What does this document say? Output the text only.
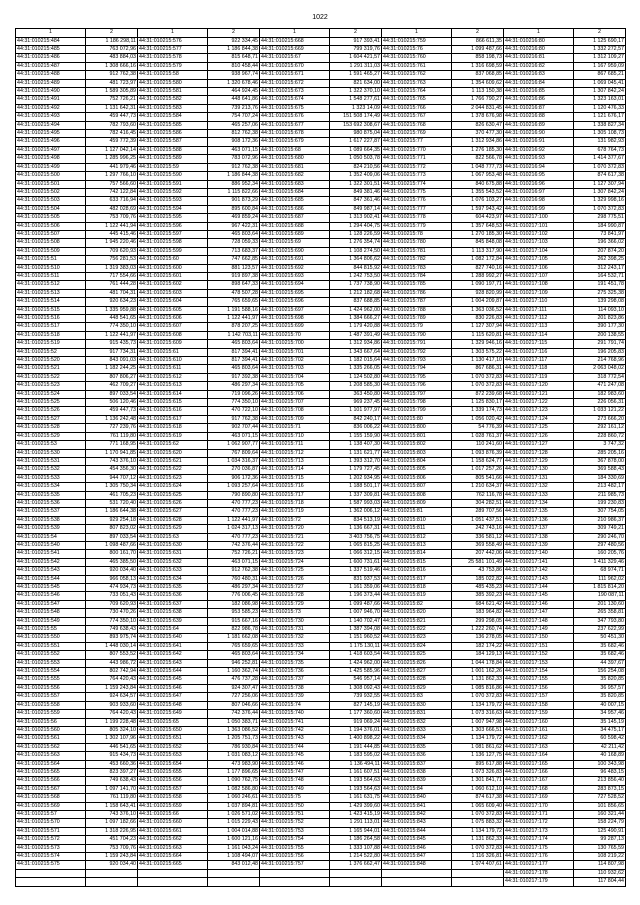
1022
1	2	1	2	1	2	1	2	1	2
44:31:010215:484	1 186 298,11	44:31:010215:576	922 334,45	44:31:010215:668	917 393,41	44:31:010215:759	866 611,35	44:31:010216:80	1 125 690,17
44:31:010215:485	763 072,96	44:31:010215:577	1 186 844,38	44:31:010215:669	799 319,76	44:31:010215:76	1 099 487,66	44:31:010216:80	1 332 272,57
44:31:010215:486	483 884,03	44:31:010215:578	815 648,71	44:31:010215:67	1 604 421,57	44:31:010215:760	858 198,73	44:31:010216:81	1 312 109,27
44:31:010215:487	1 308 666,16	44:31:010215:579	810 458,44	44:31:010215:670	1 291 311,03	44:31:010215:761	1 316 698,59	44:31:010216:82	1 167 959,09
44:31:010215:488	912 762,38	44:31:010215:58	938 967,74	44:31:010215:671	1 591 465,27	44:31:010215:762	837 068,85	44:31:010216:83	867 685,21
44:31:010215:489	481 723,97	44:31:010215:580	1 320 678,46	44:31:010215:672	821 634,00	44:31:010215:763	1 354 609,62	44:31:010216:84	1 069 045,41
44:31:010215:490	1 589 305,89	44:31:010215:581	464 924,45	44:31:010215:673	1 322 370,10	44:31:010215:764	1 113 150,38	44:31:010216:85	1 307 842,24
44:31:010215:491	752 726,21	44:31:010215:582	448 641,86	44:31:010215:674	1 548 277,61	44:31:010215:765	1 766 790,27	44:31:010216:86	1 323 163,01
44:31:010215:492	1 131 642,31	44:31:010215:583	739 213,76	44:31:010215:675	1 323 14,09	44:31:010215:766	2 044 831,45	44:31:010216:87	1 120 476,33
44:31:010215:493	459 447,73	44:31:010215:584	754 707,24	44:31:010215:676	151 508 174,49	44:31:010215:767	1 378 676,98	44:31:010216:88	1 121 676,17
44:31:010215:494	782 793,60	44:31:010215:585	465 257,06	44:31:010215:677	153 692 308,67	44:31:010215:768	826 630,47	44:31:010216:89	1 338 827,34
44:31:010215:495	782 416,45	44:31:010215:586	812 762,38	44:31:010215:678	980 875,04	44:31:010215:769	370 477,30	44:31:010216:90	1 305 108,73
44:31:010215:496	459 772,39	44:31:010215:587	908 172,36	44:31:010215:679	1 617 227,87	44:31:010215:77	1 312 934,86	44:31:010216:91	131 982,93
44:31:010215:497	1 127 042,14	44:31:010215:588	463 071,15	44:31:010215:68	1 089 664,35	44:31:010215:770	1 276 185,30	44:31:010216:92	678 764,73
44:31:010215:498	1 285 996,25	44:31:010215:589	783 072,96	44:31:010215:680	1 050 503,78	44:31:010215:771	822 566,78	44:31:010216:93	1 414 377,67
44:31:010215:499	441 979,46	44:31:010215:59	912 762,38	44:31:010215:681	824 210,56	44:31:010215:772	1 048 777,73	44:31:010216:94	1 070 372,83
44:31:010215:500	1 297 766,10	44:31:010215:590	1 186 844,38	44:31:010215:682	1 352 409,06	44:31:010215:773	1 067 953,48	44:31:010216:95	874 617,38
44:31:010215:501	757 566,60	44:31:010215:591	886 952,34	44:31:010215:683	1 322 301,51	44:31:010215:774	840 675,88	44:31:010216:96	1 127 307,94
44:31:010215:502	742 122,84	44:31:010215:592	1 115 822,66	44:31:010215:684	849 381,46	44:31:010215:775	1 355 543,52	44:31:010216:97	1 307 842,24
44:31:010215:503	633 716,94	44:31:010215:593	901 873,29	44:31:010215:685	847 361,46	44:31:010215:776	1 076 103,27	44:31:010216:98	1 329 998,16
44:31:010215:504	482 028,69	44:31:010215:594	895 600,84	44:31:010215:686	849 987,14	44:31:010215:777	1 597 943,42	44:31:010216:99	1 070 372,83
44:31:010215:505	753 709,76	44:31:010215:595	469 859,24	44:31:010215:687	1 313 902,41	44:31:010215:778	604 423,97	44:31:010217:100	298 775,51
44:31:010215:506	1 122 441,94	44:31:010215:596	967 422,31	44:31:010215:688	1 294 404,75	44:31:010215:779	1 357 648,53	44:31:010217:101	184 990,87
44:31:010215:507	445 415,46	44:31:010215:597	465 803,64	44:31:010215:689	1 128 226,59	44:31:010215:78	1 270 185,30	44:31:010217:102	73 841,97
44:31:010215:508	1 945 220,46	44:31:010215:598	728 059,33	44:31:010215:69	1 276 354,74	44:31:010215:780	845 848,08	44:31:010217:103	196 366,02
44:31:010215:509	709 620,93	44:31:010215:599	713 683,37	44:31:010215:690	1 108 274,50	44:31:010215:781	1 113 317,90	44:31:010217:104	207 874,20
44:31:010215:51	756 281,53	44:31:010215:60	747 662,85	44:31:010215:691	1 364 806,62	44:31:010215:782	1 082 172,84	44:31:010217:105	262 398,25
44:31:010215:510	1 319 383,03	44:31:010215:600	881 123,57	44:31:010215:692	844 815,92	44:31:010215:783	827 740,16	44:31:010217:106	312 243,17
44:31:010215:511	717 554,66	44:31:010215:601	919 897,38	44:31:010215:693	1 242 753,50	44:31:010215:784	1 288 992,27	44:31:010217:107	164 532,71
44:31:010215:512	761 444,28	44:31:010215:602	898 647,33	44:31:010215:694	1 737 738,90	44:31:010215:785	1 090 197,71	44:31:010217:108	191 451,78
44:31:010215:513	481 704,31	44:31:010215:603	478 507,28	44:31:010215:695	1 212 182,68	44:31:010215:786	928 820,99	44:31:010217:109	275 325,38
44:31:010215:514	920 634,23	44:31:010215:604	765 659,65	44:31:010215:696	837 688,85	44:31:010215:787	1 004 209,87	44:31:010217:110	139 298,08
44:31:010215:515	1 335 959,88	44:31:010215:605	1 191 588,16	44:31:010215:697	1 424 962,00	44:31:010215:788	1 363 036,52	44:31:010217:111	114 093,10
44:31:010215:516	448 541,65	44:31:010215:606	1 122 441,97	44:31:010215:698	1 384 666,27	44:31:010215:789	830 226,83	44:31:010217:112	201 823,86
44:31:010215:517	774 350,10	44:31:010215:607	878 207,25	44:31:010215:699	1 179 420,88	44:31:010215:79	1 127 307,94	44:31:010217:113	390 177,30
44:31:010215:518	1 122 441,97	44:31:010215:608	1 142 703,11	44:31:010215:70	1 487 391,49	44:31:010215:790	1 115 620,81	44:31:010217:114	200 138,55
44:31:010215:519	915 435,73	44:31:010215:609	465 803,64	44:31:010215:700	1 312 934,86	44:31:010215:791	1 329 946,16	44:31:010217:115	291 791,74
44:31:010215:52	917 734,31	44:31:010215:61	817 394,41	44:31:010215:701	1 343 667,64	44:31:010215:792	1 303 575,22	44:31:010217:116	196 205,83
44:31:010215:520	843 091,03	44:31:010215:610	817 394,41	44:31:010215:702	1 182 015,64	44:31:010215:793	1 130 417,10	44:31:010217:117	214 768,96
44:31:010215:521	1 182 244,25	44:31:010215:611	465 803,64	44:31:010215:703	1 335 266,05	44:31:010215:794	867 686,31	44:31:010217:118	2 063 048,02
44:31:010215:522	807 806,27	44:31:010215:612	917 392,38	44:31:010215:704	1 124 502,80	44:31:010215:795	1 070 372,83	44:31:010217:119	318 772,54
44:31:010215:523	462 709,27	44:31:010215:613	486 297,34	44:31:010215:705	1 208 585,30	44:31:010215:796	1 070 372,83	44:31:010217:120	471 247,08
44:31:010215:524	897 033,54	44:31:010215:614	719 096,26	44:31:010215:706	363 450,80	44:31:010215:797	872 239,68	44:31:010217:121	182 983,60
44:31:010215:525	506 120,46	44:31:010215:615	774 350,10	44:31:010215:707	969 237,45	44:31:010215:798	1 125 830,17	44:31:010217:122	226 056,31
44:31:010215:526	459 447,73	44:31:010215:616	470 722,10	44:31:010215:708	1 101 977,97	44:31:010215:799	1 339 174,73	44:31:010217:123	1 033 121,22
44:31:010215:527	1 136 242,48	44:31:010215:617	917 762,38	44:31:010215:709	842 240,17	44:31:010215:80	1 056 020,42	44:31:010217:124	273 666,20
44:31:010215:528	727 239,76	44:31:010215:618	902 707,44	44:31:010215:71	836 006,22	44:31:010215:800	54 776,39	44:31:010217:125	292 161,12
44:31:010215:529	761 119,80	44:31:010215:619	463 071,15	44:31:010215:710	1 155 159,90	44:31:010215:801	1 028 761,37	44:31:010217:126	228 860,72
44:31:010215:53	771 168,95	44:31:010215:62	1 062 907,77	44:31:010215:711	1 138 407,30	44:31:010215:802	110 241,60	44:31:010217:127	3 747,32
44:31:010215:530	1 170 941,85	44:31:010215:620	767 809,64	44:31:010215:712	1 131 621,77	44:31:010215:803	1 093 876,39	44:31:010217:128	285 205,16
44:31:010215:531	743 376,10	44:31:010215:621	1 034 316,37	44:31:010215:713	1 393 312,70	44:31:010215:804	1 158 624,77	44:31:010217:129	367 878,00
44:31:010215:532	454 356,30	44:31:010215:622	270 036,87	44:31:010215:714	1 179 727,45	44:31:010215:805	1 017 257,26	44:31:010217:130	369 588,43
44:31:010215:533	944 707,12	44:31:010215:623	906 172,36	44:31:010215:715	1 202 934,95	44:31:010215:806	805 541,66	44:31:010217:131	184 330,69
44:31:010215:534	1 305 750,34	44:31:010215:624	1 093 257,64	44:31:010215:716	1 188 501,17	44:31:010215:807	1 210 634,37	44:31:010217:132	213 482,17
44:31:010215:535	461 705,23	44:31:010215:625	790 890,80	44:31:010215:717	1 337 309,81	44:31:010215:808	762 116,78	44:31:010217:133	211 985,73
44:31:010215:536	531 720,40	44:31:010215:626	470 777,23	44:31:010215:718	1 587 993,03	44:31:010215:809	304 282,51	44:31:010217:134	199 230,83
44:31:010215:537	1 186 644,38	44:31:010215:627	470 777,23	44:31:010215:719	1 362 006,12	44:31:010215:81	289 707,56	44:31:010217:135	307 754,05
44:31:010215:538	929 254,18	44:31:010215:628	1 122 441,97	44:31:010215:72	834 513,19	44:31:010215:810	1 051 437,51	44:31:010217:136	210 986,37
44:31:010215:539	807 823,02	44:31:010215:629	1 024 317,13	44:31:010215:720	1 136 667,31	44:31:010215:811	242 743,16	44:31:010217:137	309 749,21
44:31:010215:54	897 033,54	44:31:010215:63	470 777,23	44:31:010215:721	3 403 756,75	44:31:010215:812	336 581,12	44:31:010217:138	290 246,70
44:31:010215:540	1 098 487,66	44:31:010215:630	742 376,44	44:31:010215:722	1 065 815,25	44:31:010215:813	369 558,49	44:31:010217:139	297 480,56
44:31:010215:541	800 161,70	44:31:010215:631	752 726,21	44:31:010215:723	1 066 312,15	44:31:010215:814	207 442,06	44:31:010217:140	160 205,76
44:31:010215:542	465 385,50	44:31:010215:632	463 071,15	44:31:010215:724	1 600 731,61	44:31:010215:815	25 581 101,49	44:31:010217:141	1 411 329,46
44:31:010215:543	920 034,40	44:31:010215:633	912 762,38	44:31:010215:725	1 337 519,46	44:31:010215:816	43 753,86	44:31:010217:142	68 974,71
44:31:010215:544	966 058,13	44:31:010215:634	760 480,31	44:31:010215:726	831 937,53	44:31:010215:817	185 022,82	44:31:010217:143	111 962,02
44:31:010215:545	474 934,73	44:31:010215:635	486 297,34	44:31:010215:727	1 161 359,06	44:31:010215:818	485 435,23	44:31:010217:144	1 815 814,20
44:31:010215:546	733 051,43	44:31:010215:636	776 006,45	44:31:010215:728	1 196 373,44	44:31:010215:819	385 392,23	44:31:010217:145	190 087,11
44:31:010215:547	709 620,93	44:31:010215:637	182 086,98	44:31:010215:729	1 099 487,66	44:31:010215:82	684 621,42	44:31:010217:146	201 130,60
44:31:010215:548	730 470,26	44:31:010215:638	953 585,23	44:31:010215:73	1 007 946,70	44:31:010215:820	183 964,82	44:31:010217:147	265 358,81
44:31:010215:549	774 350,10	44:31:010215:639	915 667,16	44:31:010215:730	1 140 702,47	44:31:010215:821	299 298,05	44:31:010217:148	347 793,80
44:31:010215:55	749 638,43	44:31:010215:64	822 986,78	44:31:010215:731	1 387 394,08	44:31:010215:822	1 222 260,74	44:31:010217:149	237 622,99
44:31:010215:550	893 975,74	44:31:010215:640	1 181 662,08	44:31:010215:732	1 151 960,52	44:31:010215:823	136 278,05	44:31:010217:150	50 451,30
44:31:010215:551	1 448 030,14	44:31:010215:641	765 659,65	44:31:010215:733	1 175 130,11	44:31:010215:824	182 174,22	44:31:010217:151	35 682,46
44:31:010215:552	807 553,52	44:31:010215:642	465 803,64	44:31:010215:734	1 418 603,54	44:31:010215:825	184 129,13	44:31:010217:152	35 682,46
44:31:010215:553	443 986,72	44:31:010215:643	946 252,81	44:31:010215:735	1 424 962,00	44:31:010215:826	1 044 178,84	44:31:010217:153	44 397,67
44:31:010215:554	802 742,94	44:31:010215:644	1 160 362,74	44:31:010215:736	1 425 585,96	44:31:010215:827	1 001 162,26	44:31:010217:154	156 254,08
44:31:010215:555	764 420,43	44:31:010215:645	476 737,28	44:31:010215:737	546 957,14	44:31:010215:828	1 131 862,33	44:31:010217:155	35 820,85
44:31:010215:556	1 159 243,84	44:31:010215:646	924 307,47	44:31:010215:738	1 308 092,43	44:31:010215:829	1 085 816,86	44:31:010217:156	36 957,57
44:31:010215:557	924 634,57	44:31:010215:647	727 256,06	44:31:010215:739	739 932,55	44:31:010215:83	1 070 372,83	44:31:010217:157	35 820,85
44:31:010215:558	903 933,60	44:31:010215:648	807 046,66	44:31:010215:74	827 145,19	44:31:010215:830	1 134 179,72	44:31:010217:158	40 007,15
44:31:010215:559	764 420,43	44:31:010215:649	742 376,44	44:31:010215:740	1 177 360,60	44:31:010215:831	1 073 316,63	44:31:010217:159	34 957,46
44:31:010215:56	1 199 228,48	44:31:010215:65	1 050 383,71	44:31:010215:741	919 069,24	44:31:010215:832	1 007 947,98	44:31:010217:160	35 145,19
44:31:010215:560	805 324,10	44:31:010215:650	1 363 086,52	44:31:010215:742	1 194 376,01	44:31:010215:833	1 303 666,51	44:31:010217:161	34 475,17
44:31:010215:561	1 302 107,96	44:31:010215:651	1 205 751,73	44:31:010215:743	1 400 898,22	44:31:010215:834	1 134 179,72	44:31:010217:162	60 598,42
44:31:010215:562	446 541,65	44:31:010215:652	786 930,84	44:31:010215:744	1 191 444,85	44:31:010215:835	1 081 861,62	44:31:010217:163	42 211,42
44:31:010215:563	915 434,73	44:31:010215:653	1 031 083,12	44:31:010215:745	1 183 595,02	44:31:010215:836	1 136 127,75	44:31:010217:164	40 168,89
44:31:010215:564	453 660,36	44:31:010215:654	473 983,90	44:31:010215:746	1 136 494,11	44:31:010215:837	895 617,88	44:31:010217:165	100 343,98
44:31:010215:565	823 397,27	44:31:010215:655	1 177 896,65	44:31:010215:747	1 161 607,51	44:31:010215:838	1 073 326,83	44:31:010217:166	96 483,15
44:31:010215:566	749 638,43	44:31:010215:656	1 090 762,75	44:31:010215:748	1 193 564,63	44:31:010215:839	1 301 841,71	44:31:010217:167	213 856,40
44:31:010215:567	1 097 141,70	44:31:010215:657	1 082 586,80	44:31:010215:749	1 193 564,63	44:31:010215:84	1 060 612,10	44:31:010217:168	283 873,15
44:31:010215:568	761 119,80	44:31:010215:658	1 060 246,61	44:31:010215:75	1 161 631,75	44:31:010215:840	874 617,38	44:31:010217:169	727 528,52
44:31:010215:569	1 158 643,41	44:31:010215:659	1 037 894,81	44:31:010215:750	1 429 399,60	44:31:010215:841	1 065 609,40	44:31:010217:170	101 856,65
44:31:010215:57	743 376,10	44:31:010215:66	1 026 571,02	44:31:010215:751	1 423 415,19	44:31:010215:842	1 070 372,83	44:31:010217:171	160 321,44
44:31:010215:570	1 097 182,66	44:31:010215:660	1 015 229,43	44:31:010215:752	1 291 113,01	44:31:010215:843	1 075 883,32	44:31:010217:172	158 224,79
44:31:010215:571	1 318 226,95	44:31:010215:661	1 004 014,88	44:31:010215:753	1 165 944,01	44:31:010215:844	1 134 179,72	44:31:010217:173	125 490,91
44:31:010215:572	451 704,23	44:31:010215:662	1 600 121,16	44:31:010215:754	1 186 264,58	44:31:010215:845	1 131 862,33	44:31:010217:174	99 287,13
44:31:010215:573	753 709,76	44:31:010215:663	1 161 043,24	44:31:010215:755	1 333 107,88	44:31:010215:846	1 070 372,83	44:31:010217:175	130 765,59
44:31:010215:574	1 159 243,84	44:31:010215:664	1 108 494,07	44:31:010215:756	1 214 522,80	44:31:010215:847	1 116 326,81	44:31:010217:176	108 219,22
44:31:010215:575	920 034,40	44:31:010215:665	843 012,48	44:31:010215:757	1 376 662,47	44:31:010215:848	1 074 407,61	44:31:010217:177	114 807,98
								44:31:010217:178	110 932,62
								44:31:010217:179	117 804,44
